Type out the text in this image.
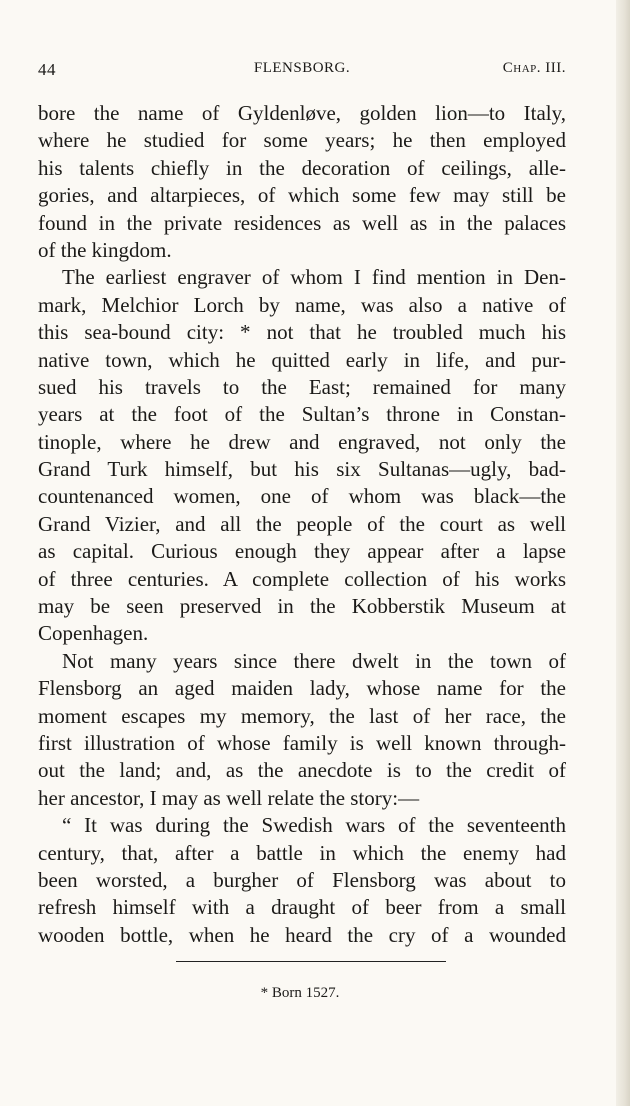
44	FLENSBORG.	Chap. III.
bore the name of Gyldenløve, golden lion—to Italy,
where he studied for some years; he then employed
his talents chiefly in the decoration of ceilings, alle-
gories, and altarpieces, of which some few may still be
found in the private residences as well as in the palaces
of the kingdom.
The earliest engraver of whom I find mention in Den-
mark, Melchior Lorch by name, was also a native of
this sea-bound city: * not that he troubled much his
native town, which he quitted early in life, and pur-
sued his travels to the East; remained for many
years at the foot of the Sultan’s throne in Constan-
tinople, where he drew and engraved, not only the
Grand Turk himself, but his six Sultanas—ugly, bad-
countenanced women, one of whom was black—the
Grand Vizier, and all the people of the court as well
as capital. Curious enough they appear after a lapse
of three centuries. A complete collection of his works
may be seen preserved in the Kobberstik Museum at
Copenhagen.
Not many years since there dwelt in the town of
Flensborg an aged maiden lady, whose name for the
moment escapes my memory, the last of her race, the
first illustration of whose family is well known through-
out the land; and, as the anecdote is to the credit of
her ancestor, I may as well relate the story:—
“ It was during the Swedish wars of the seventeenth
century, that, after a battle in which the enemy had
been worsted, a burgher of Flensborg was about to
refresh himself with a draught of beer from a small
wooden bottle, when he heard the cry of a wounded
* Born 1527.
